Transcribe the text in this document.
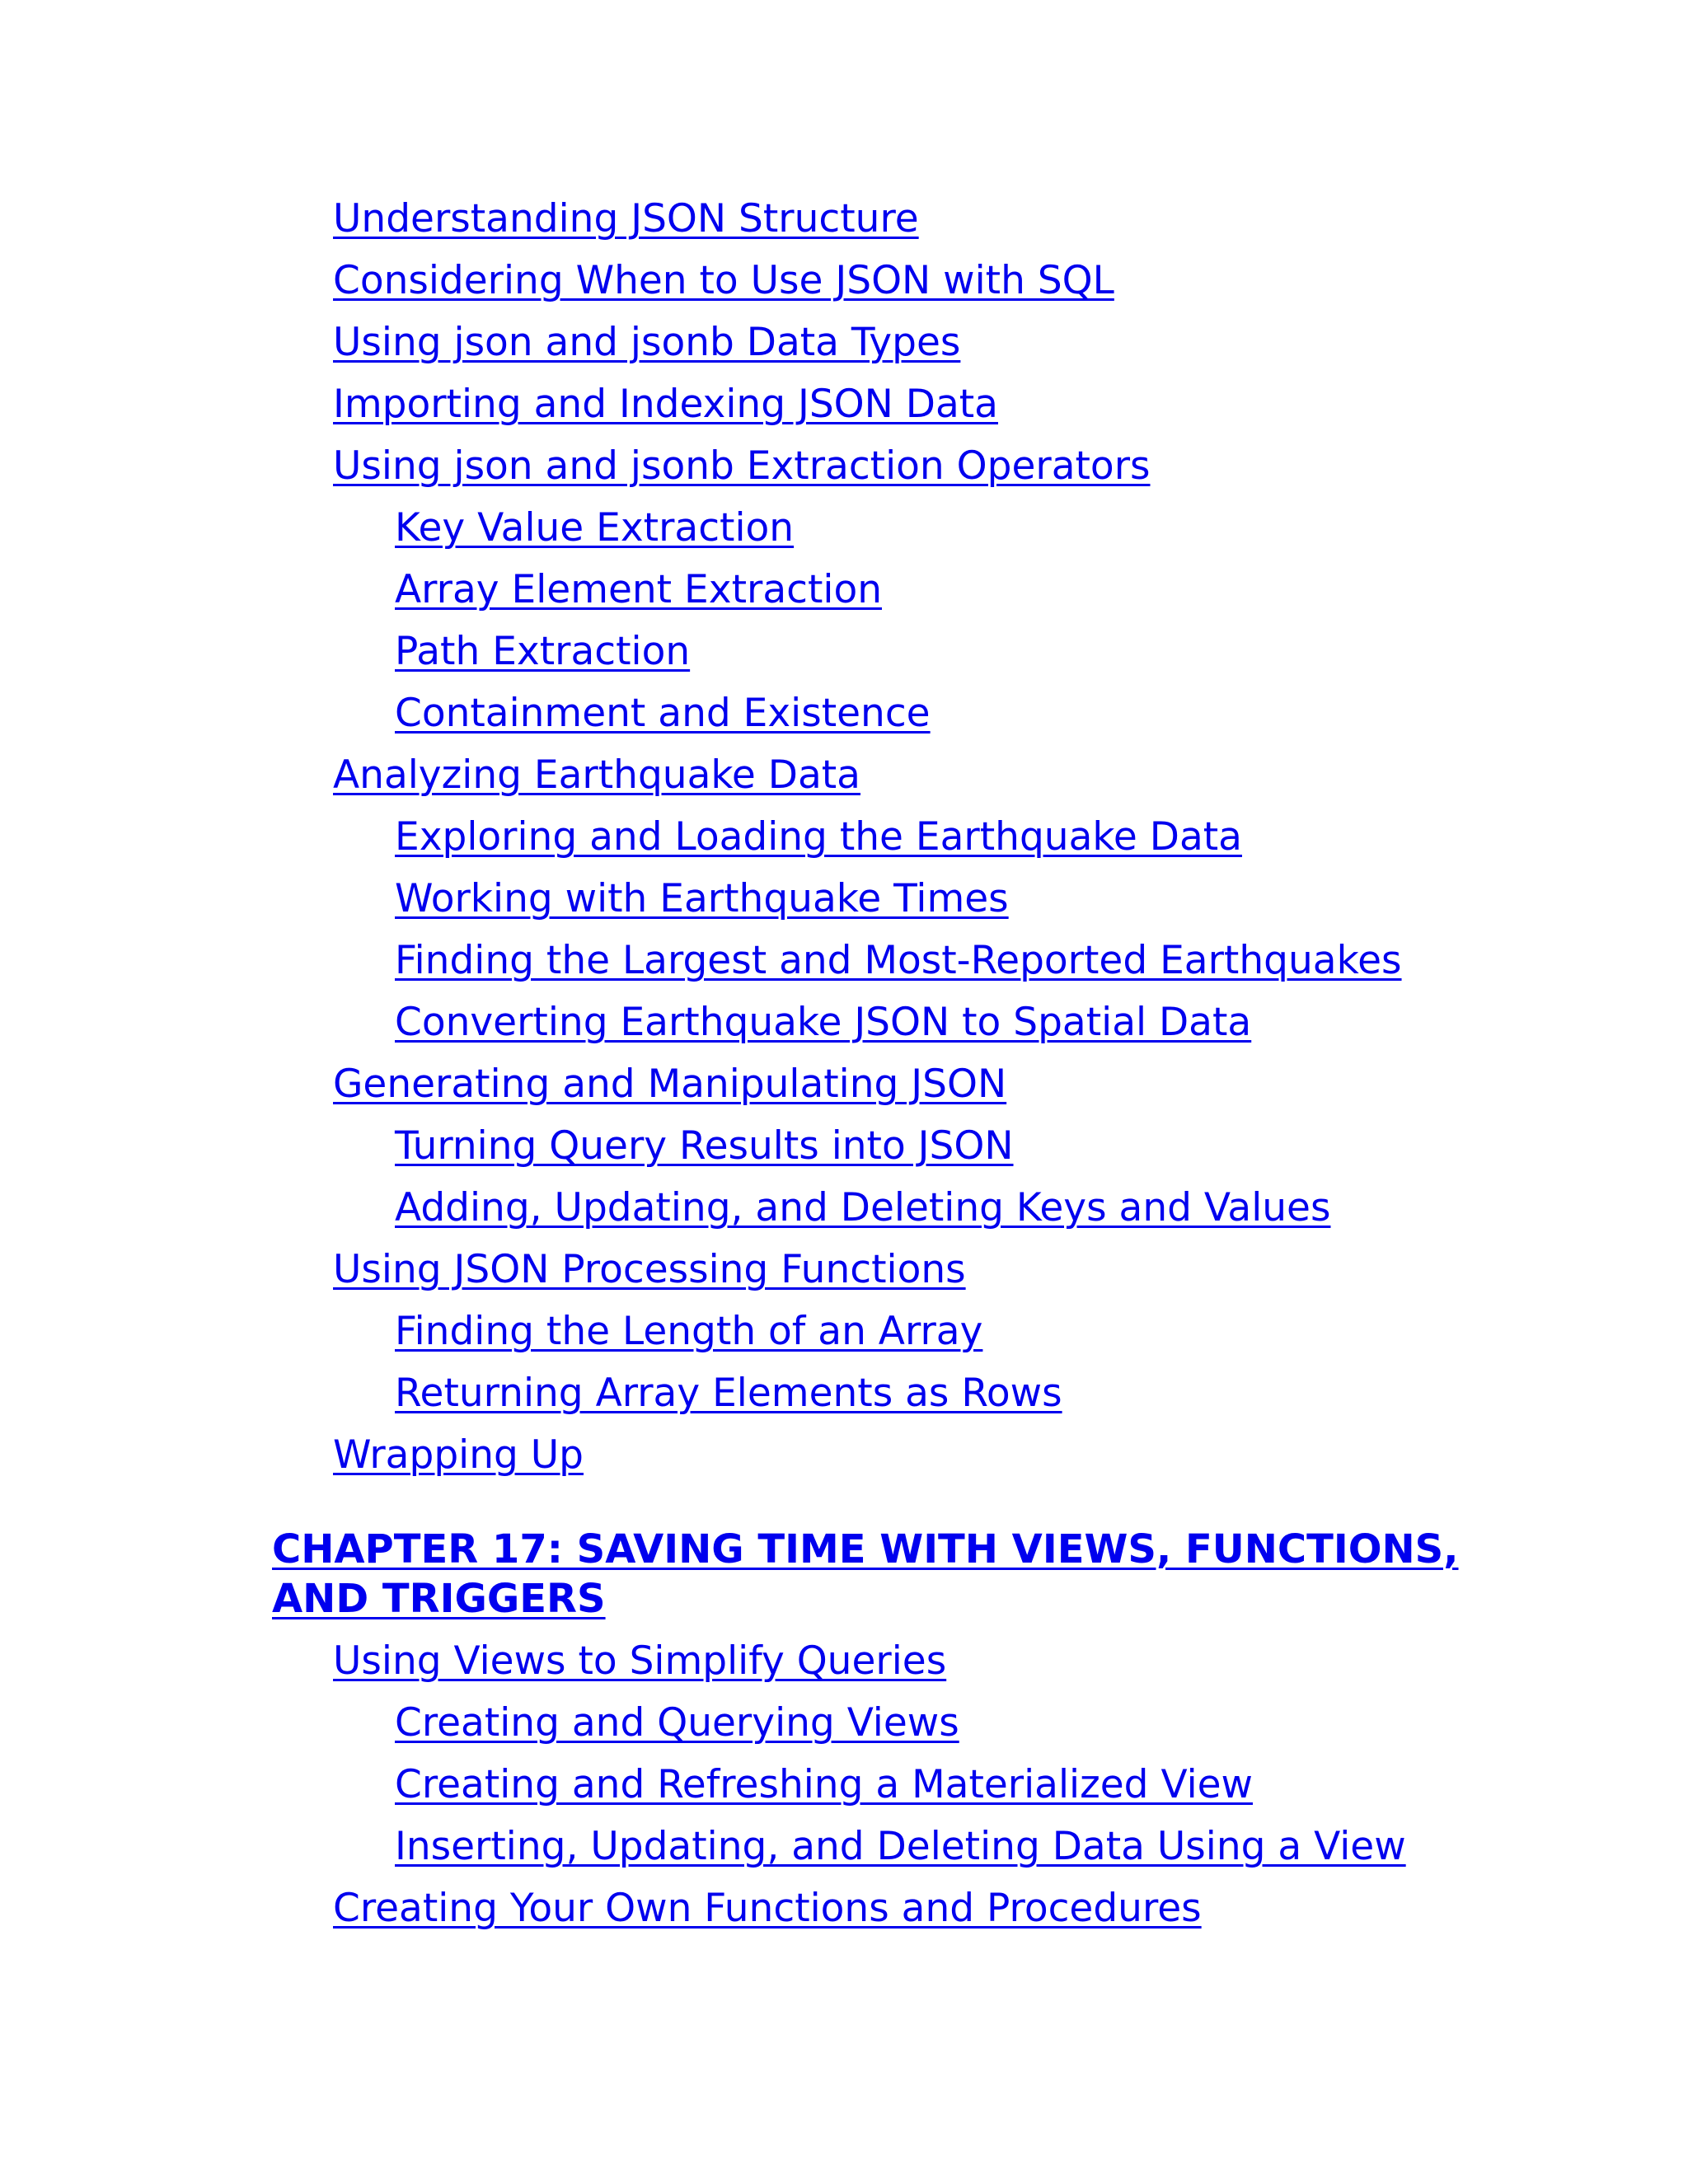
Understanding JSON Structure
Considering When to Use JSON with SQL
Using json and jsonb Data Types
Importing and Indexing JSON Data
Using json and jsonb Extraction Operators
Key Value Extraction
Array Element Extraction
Path Extraction
Containment and Existence
Analyzing Earthquake Data
Exploring and Loading the Earthquake Data
Working with Earthquake Times
Finding the Largest and Most-Reported Earthquakes
Converting Earthquake JSON to Spatial Data
Generating and Manipulating JSON
Turning Query Results into JSON
Adding, Updating, and Deleting Keys and Values
Using JSON Processing Functions
Finding the Length of an Array
Returning Array Elements as Rows
Wrapping Up
CHAPTER 17: SAVING TIME WITH VIEWS, FUNCTIONS,
AND TRIGGERS
Using Views to Simplify Queries
Creating and Querying Views
Creating and Refreshing a Materialized View
Inserting, Updating, and Deleting Data Using a View
Creating Your Own Functions and Procedures
